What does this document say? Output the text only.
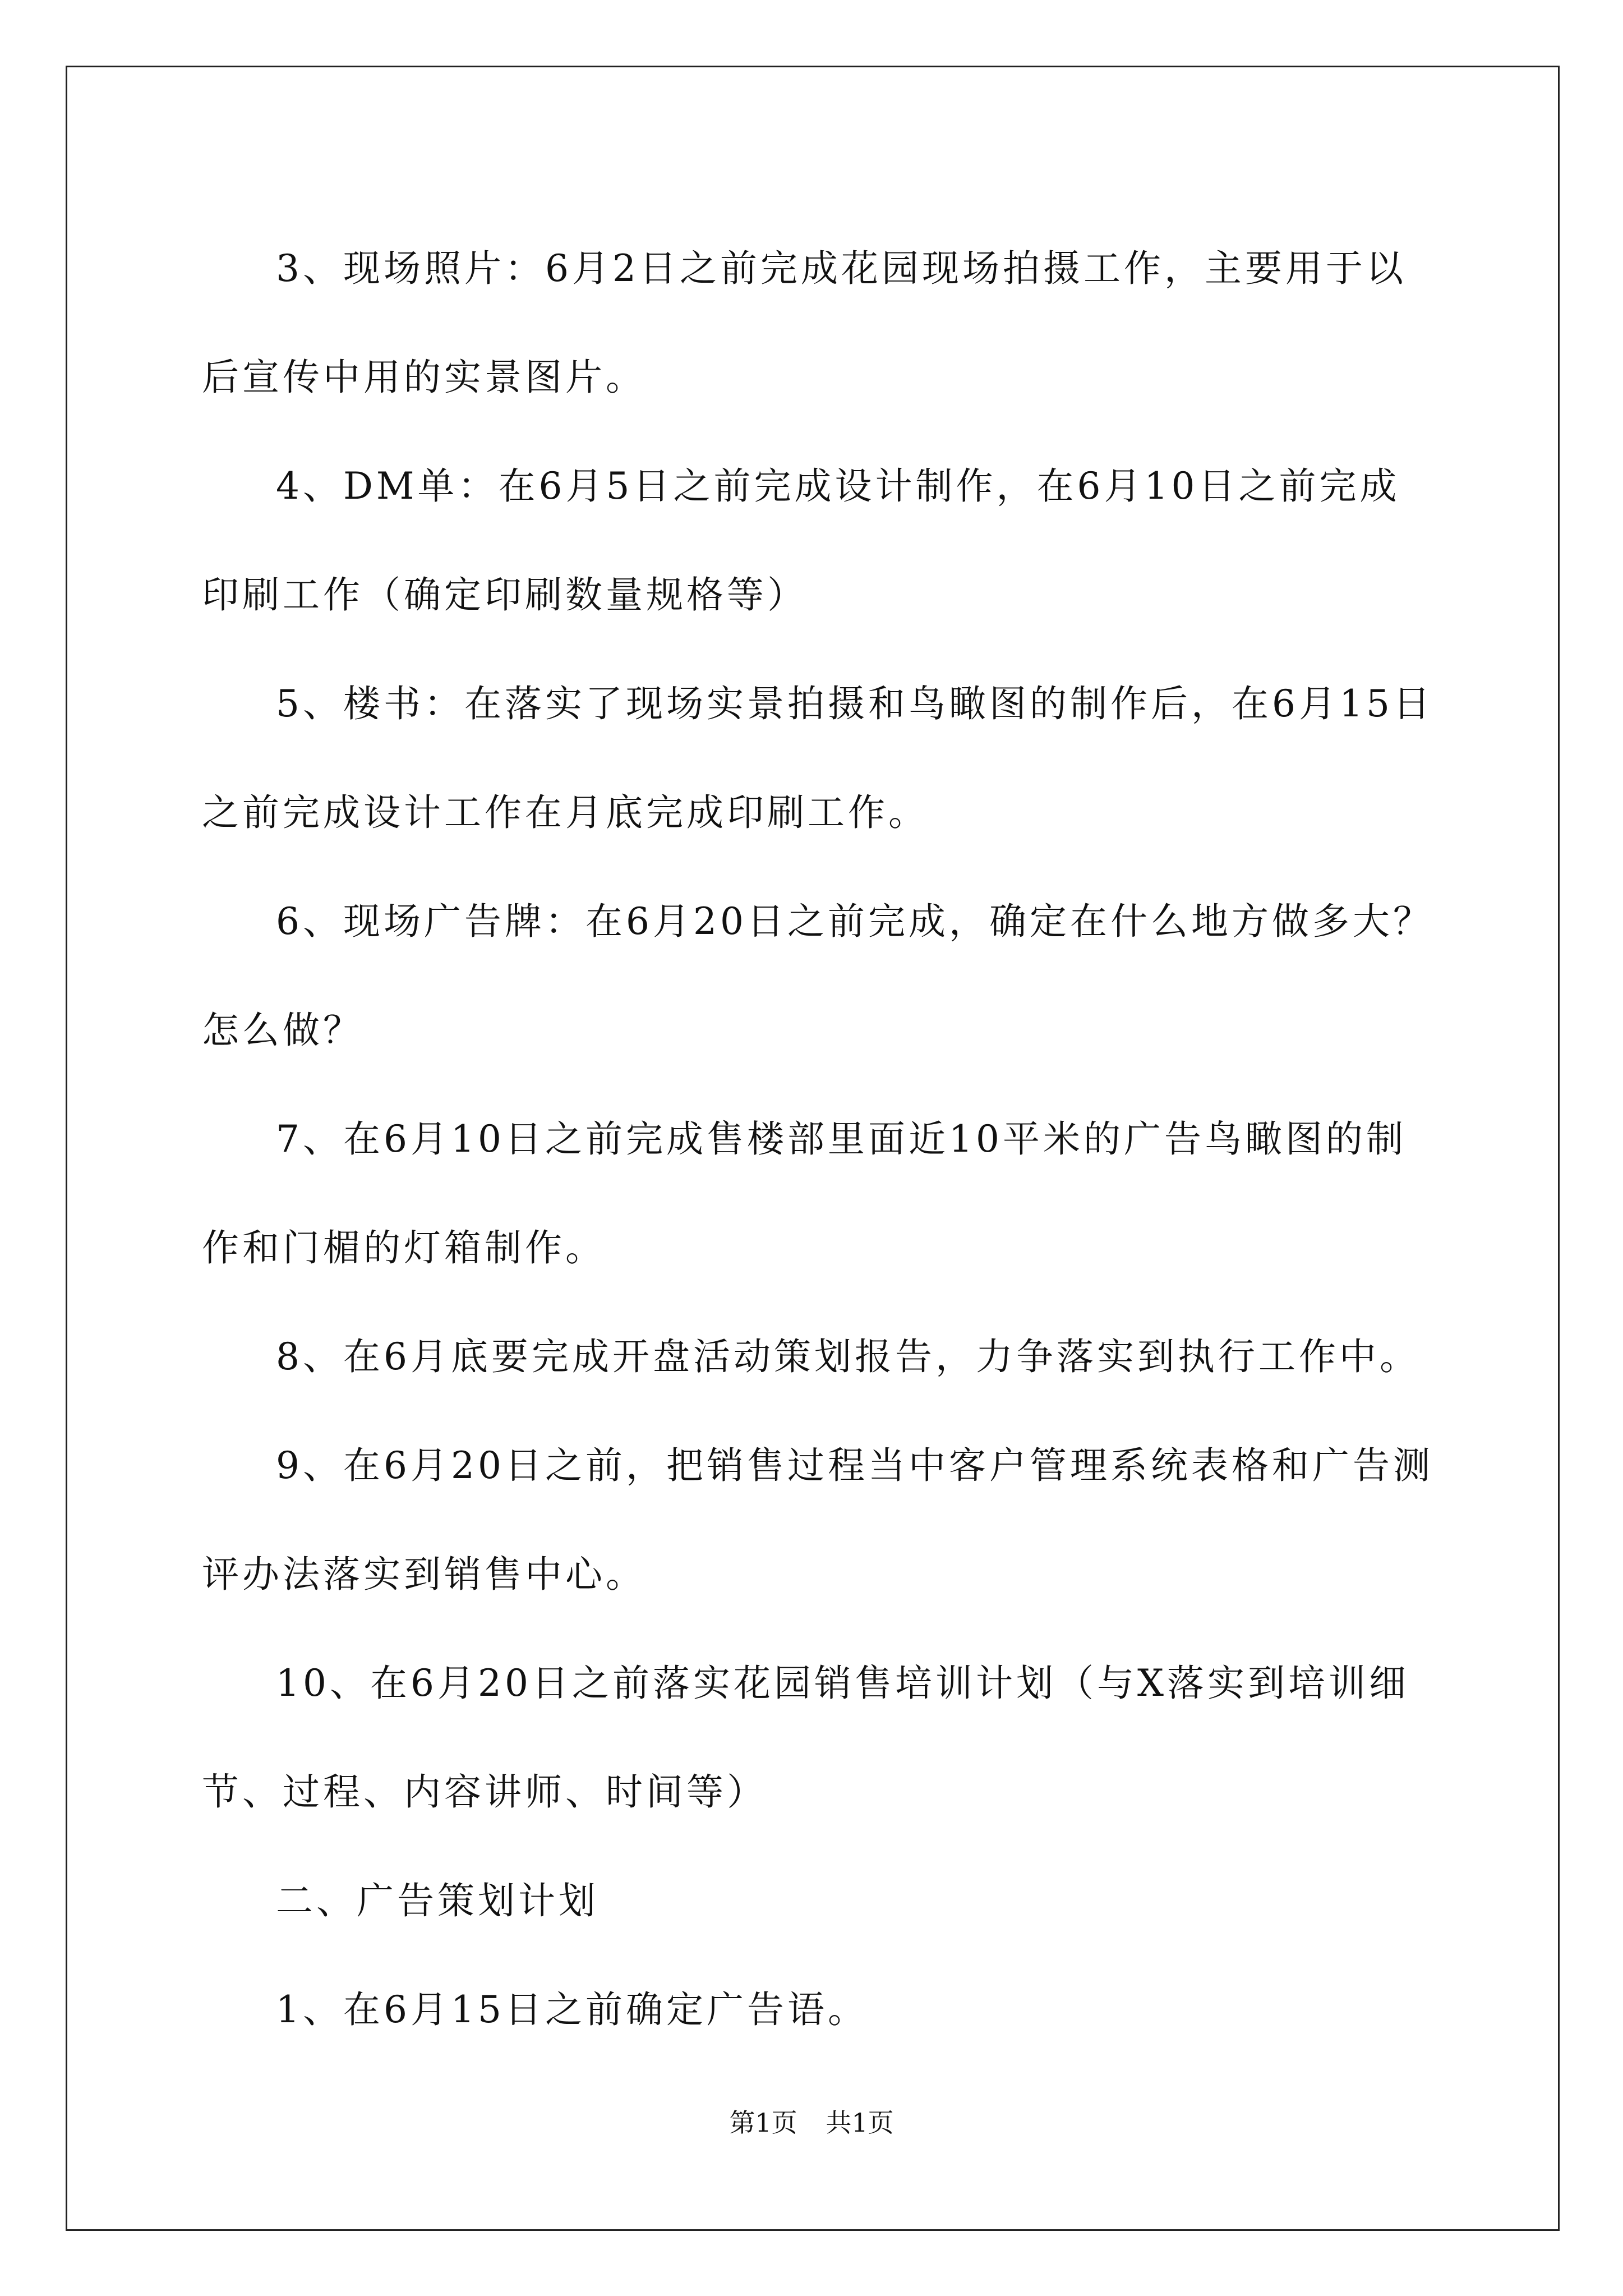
3、现场照片：6月2日之前完成花园现场拍摄工作，主要用于以后宣传中用的实景图片。

4、DM单：在6月5日之前完成设计制作，在6月10日之前完成印刷工作（确定印刷数量规格等）

5、楼书：在落实了现场实景拍摄和鸟瞰图的制作后，在6月15日之前完成设计工作在月底完成印刷工作。

6、现场广告牌：在6月20日之前完成，确定在什么地方做多大？怎么做？

7、在6月10日之前完成售楼部里面近10平米的广告鸟瞰图的制作和门楣的灯箱制作。

8、在6月底要完成开盘活动策划报告，力争落实到执行工作中。

9、在6月20日之前，把销售过程当中客户管理系统表格和广告测评办法落实到销售中心。

10、在6月20日之前落实花园销售培训计划（与X落实到培训细节、过程、内容讲师、时间等）

二、广告策划计划

1、在6月15日之前确定广告语。

第1页 共1页
